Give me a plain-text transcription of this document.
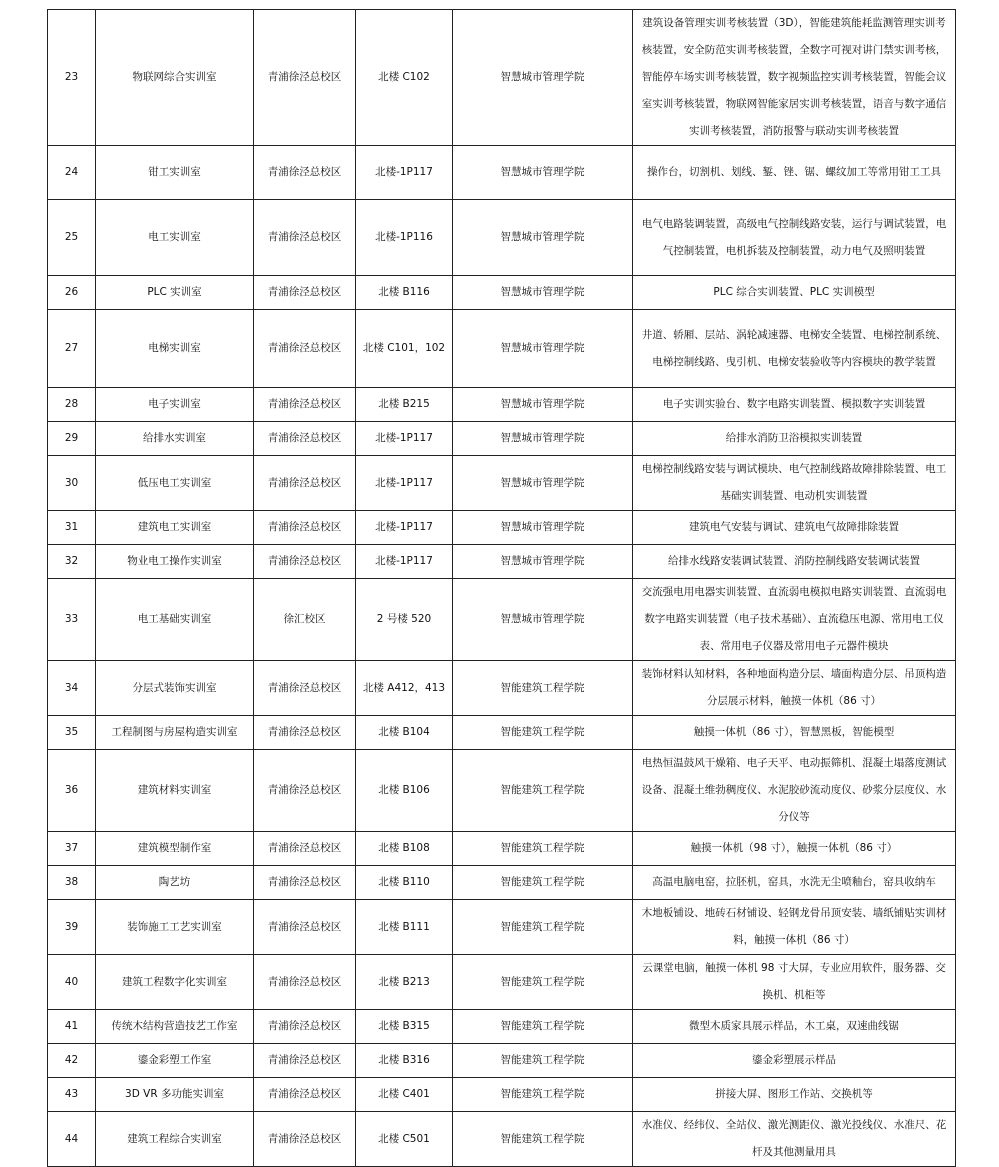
23	物联网综合实训室	青浦徐泾总校区	北楼 C102	智慧城市管理学院	建筑设备管理实训考核装置（3D），智能建筑能耗监测管理实训考核装置，安全防范实训考核装置，全数字可视对讲门禁实训考核，智能停车场实训考核装置，数字视频监控实训考核装置，智能会议室实训考核装置，物联网智能家居实训考核装置，语音与数字通信实训考核装置，消防报警与联动实训考核装置
24	钳工实训室	青浦徐泾总校区	北楼-1P117	智慧城市管理学院	操作台，切割机、划线、錾、锉、锯、螺纹加工等常用钳工工具
25	电工实训室	青浦徐泾总校区	北楼-1P116	智慧城市管理学院	电气电路装调装置，高级电气控制线路安装，运行与调试装置，电气控制装置，电机拆装及控制装置，动力电气及照明装置
26	PLC 实训室	青浦徐泾总校区	北楼 B116	智慧城市管理学院	PLC 综合实训装置、PLC 实训模型
27	电梯实训室	青浦徐泾总校区	北楼 C101，102	智慧城市管理学院	井道、轿厢、层站、涡轮减速器、电梯安全装置、电梯控制系统、电梯控制线路、曳引机、电梯安装验收等内容模块的教学装置
28	电子实训室	青浦徐泾总校区	北楼 B215	智慧城市管理学院	电子实训实验台、数字电路实训装置、模拟数字实训装置
29	给排水实训室	青浦徐泾总校区	北楼-1P117	智慧城市管理学院	给排水消防卫浴模拟实训装置
30	低压电工实训室	青浦徐泾总校区	北楼-1P117	智慧城市管理学院	电梯控制线路安装与调试模块、电气控制线路故障排除装置、电工基础实训装置、电动机实训装置
31	建筑电工实训室	青浦徐泾总校区	北楼-1P117	智慧城市管理学院	建筑电气安装与调试、建筑电气故障排除装置
32	物业电工操作实训室	青浦徐泾总校区	北楼-1P117	智慧城市管理学院	给排水线路安装调试装置、消防控制线路安装调试装置
33	电工基础实训室	徐汇校区	2 号楼 520	智慧城市管理学院	交流强电用电器实训装置、直流弱电模拟电路实训装置、直流弱电数字电路实训装置（电子技术基础）、直流稳压电源、常用电工仪表、常用电子仪器及常用电子元器件模块
34	分层式装饰实训室	青浦徐泾总校区	北楼 A412，413	智能建筑工程学院	装饰材料认知材料，各种地面构造分层、墙面构造分层、吊顶构造分层展示材料，触摸一体机（86 寸）
35	工程制图与房屋构造实训室	青浦徐泾总校区	北楼 B104	智能建筑工程学院	触摸一体机（86 寸），智慧黑板，智能模型
36	建筑材料实训室	青浦徐泾总校区	北楼 B106	智能建筑工程学院	电热恒温鼓风干燥箱、电子天平、电动振筛机、混凝土塌落度测试设备、混凝土维勃稠度仪、水泥胶砂流动度仪、砂浆分层度仪、水分仪等
37	建筑模型制作室	青浦徐泾总校区	北楼 B108	智能建筑工程学院	触摸一体机（98 寸），触摸一体机（86 寸）
38	陶艺坊	青浦徐泾总校区	北楼 B110	智能建筑工程学院	高温电脑电窑，拉胚机，窑具，水洗无尘喷釉台，窑具收纳车
39	装饰施工工艺实训室	青浦徐泾总校区	北楼 B111	智能建筑工程学院	木地板铺设、地砖石材铺设、轻钢龙骨吊顶安装、墙纸铺贴实训材料，触摸一体机（86 寸）
40	建筑工程数字化实训室	青浦徐泾总校区	北楼 B213	智能建筑工程学院	云课堂电脑，触摸一体机 98 寸大屏，专业应用软件，服务器、交换机、机柜等
41	传统木结构营造技艺工作室	青浦徐泾总校区	北楼 B315	智能建筑工程学院	微型木质家具展示样品，木工桌，双速曲线锯
42	鎏金彩塑工作室	青浦徐泾总校区	北楼 B316	智能建筑工程学院	鎏金彩塑展示样品
43	3D VR 多功能实训室	青浦徐泾总校区	北楼 C401	智能建筑工程学院	拼接大屏、图形工作站、交换机等
44	建筑工程综合实训室	青浦徐泾总校区	北楼 C501	智能建筑工程学院	水准仪、经纬仪、全站仪、激光测距仪、激光投线仪、水准尺、花杆及其他测量用具
